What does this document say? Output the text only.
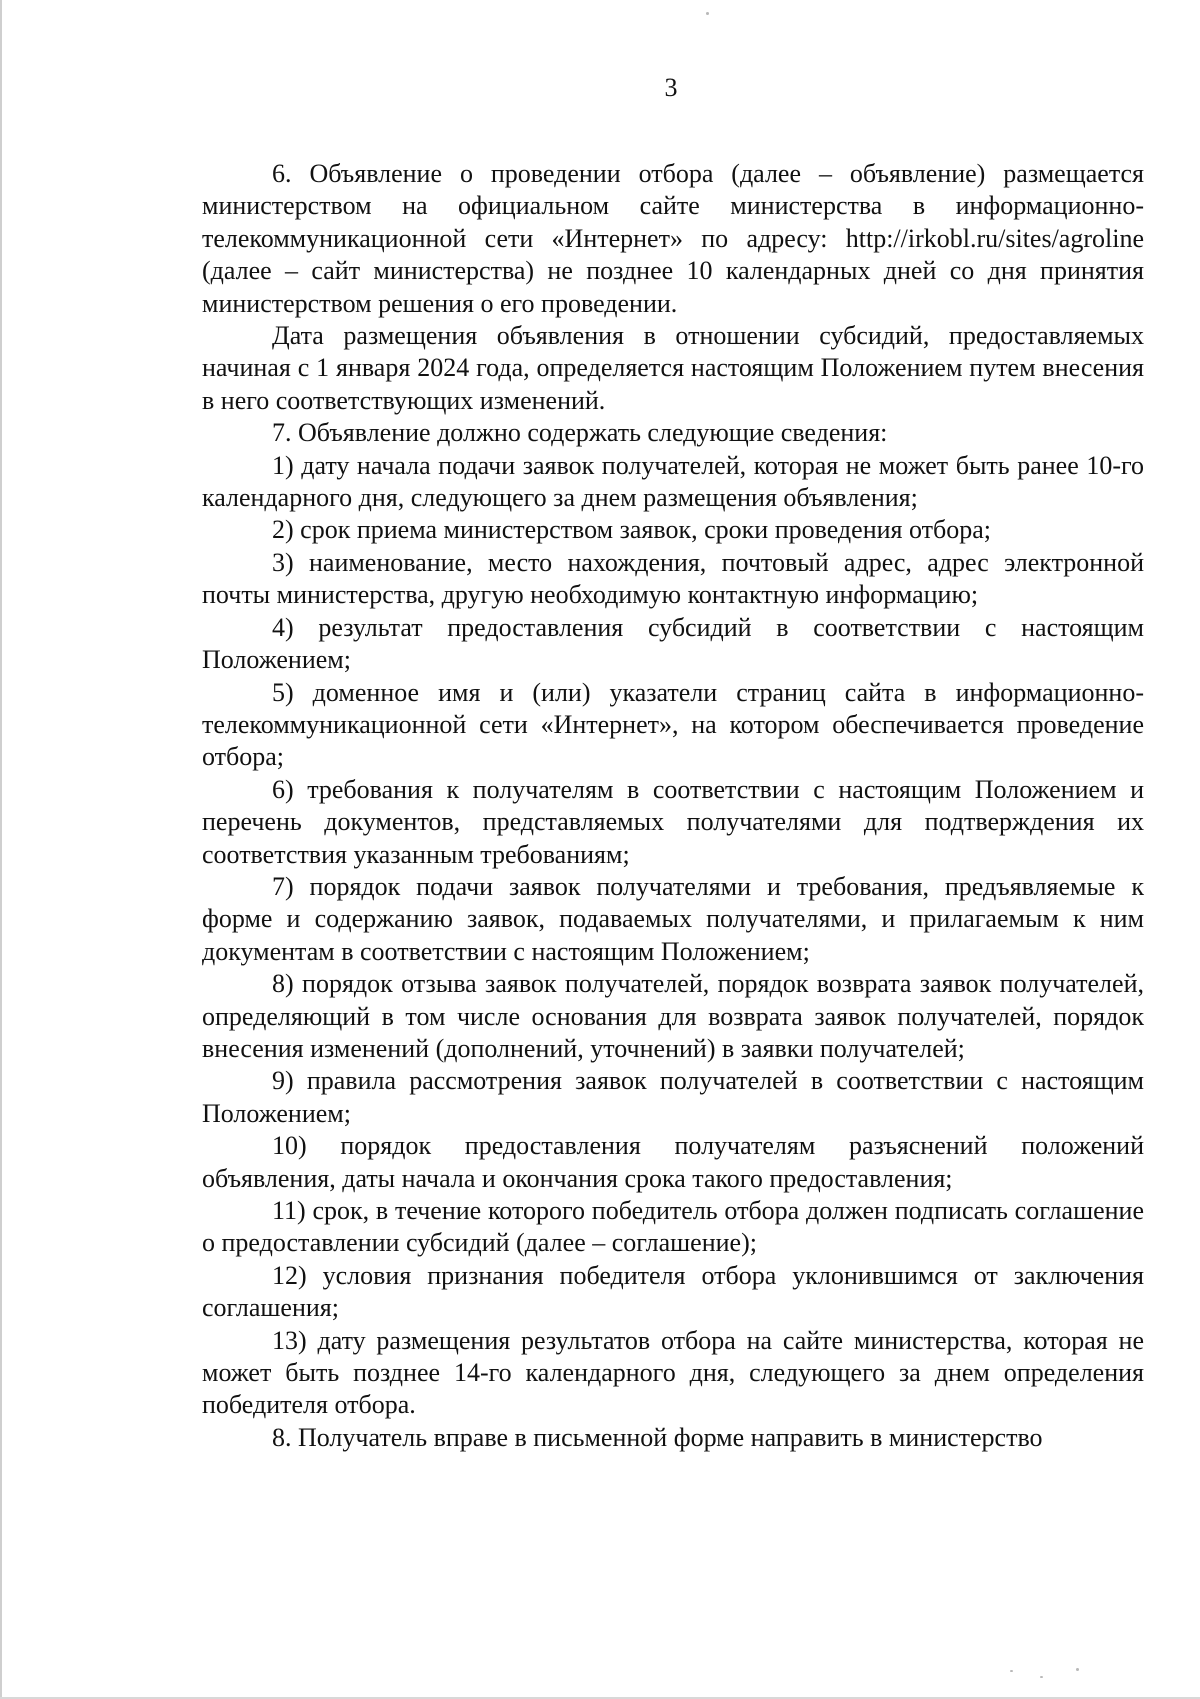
3

6. Объявление о проведении отбора (далее – объявление) размещается министерством на официальном сайте министерства в информационно-телекоммуникационной сети «Интернет» по адресу: http://irkobl.ru/sites/agroline (далее – сайт министерства) не позднее 10 календарных дней со дня принятия министерством решения о его проведении.

Дата размещения объявления в отношении субсидий, предоставляемых начиная с 1 января 2024 года, определяется настоящим Положением путем внесения в него соответствующих изменений.

7. Объявление должно содержать следующие сведения:

1) дату начала подачи заявок получателей, которая не может быть ранее 10-го календарного дня, следующего за днем размещения объявления;

2) срок приема министерством заявок, сроки проведения отбора;

3) наименование, место нахождения, почтовый адрес, адрес электронной почты министерства, другую необходимую контактную информацию;

4) результат предоставления субсидий в соответствии с настоящим Положением;

5) доменное имя и (или) указатели страниц сайта в информационно-телекоммуникационной сети «Интернет», на котором обеспечивается проведение отбора;

6) требования к получателям в соответствии с настоящим Положением и перечень документов, представляемых получателями для подтверждения их соответствия указанным требованиям;

7) порядок подачи заявок получателями и требования, предъявляемые к форме и содержанию заявок, подаваемых получателями, и прилагаемым к ним документам в соответствии с настоящим Положением;

8) порядок отзыва заявок получателей, порядок возврата заявок получателей, определяющий в том числе основания для возврата заявок получателей, порядок внесения изменений (дополнений, уточнений) в заявки получателей;

9) правила рассмотрения заявок получателей в соответствии с настоящим Положением;

10) порядок предоставления получателям разъяснений положений объявления, даты начала и окончания срока такого предоставления;

11) срок, в течение которого победитель отбора должен подписать соглашение о предоставлении субсидий (далее – соглашение);

12) условия признания победителя отбора уклонившимся от заключения соглашения;

13) дату размещения результатов отбора на сайте министерства, которая не может быть позднее 14-го календарного дня, следующего за днем определения победителя отбора.

8. Получатель вправе в письменной форме направить в министерство
